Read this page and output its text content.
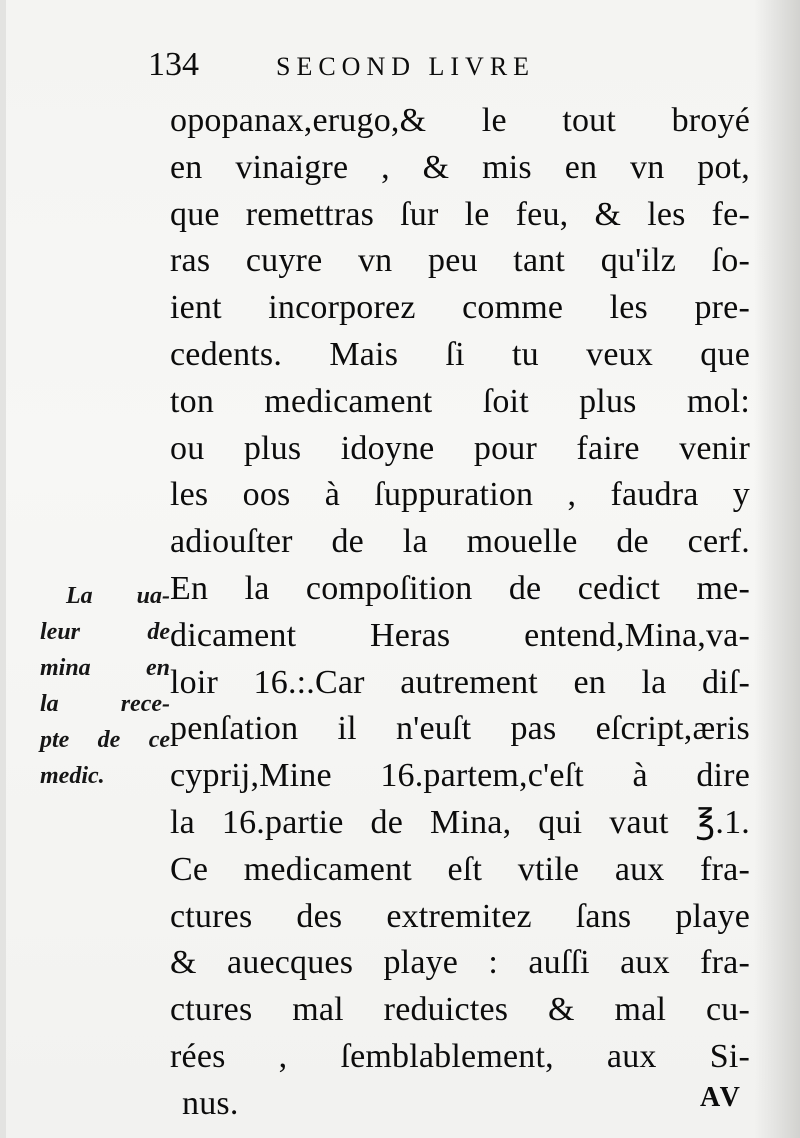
134	SECOND LIVRE
opopanax,erugo,& le tout broyé
en vinaigre , & mis en vn pot,
que remettras ſur le feu, & les fe-
ras cuyre vn peu tant qu'ilz ſo-
ient incorporez comme les pre-
cedents. Mais ſi tu veux que
ton medicament ſoit plus mol:
ou plus idoyne pour faire venir
les oos à ſuppuration , faudra y
adiouſter de la mouelle de cerf.
En la compoſition de cedict me-
dicament Heras entend,Mina,va-
loir 16.:.Car autrement en la diſ-
penſation il n'euſt pas eſcript,æris
cyprij,Mine 16.partem,c'eſt à dire
la 16.partie de Mina, qui vaut ℥.1.
Ce medicament eſt vtile aux fra-
ctures des extremitez ſans playe
& auecques playe : auſſi aux fra-
ctures mal reduictes & mal cu-
rées , ſemblablement, aux Si-
nus.
La ua-
leur de
mina en
la rece-
pte de ce
medic.
AV
